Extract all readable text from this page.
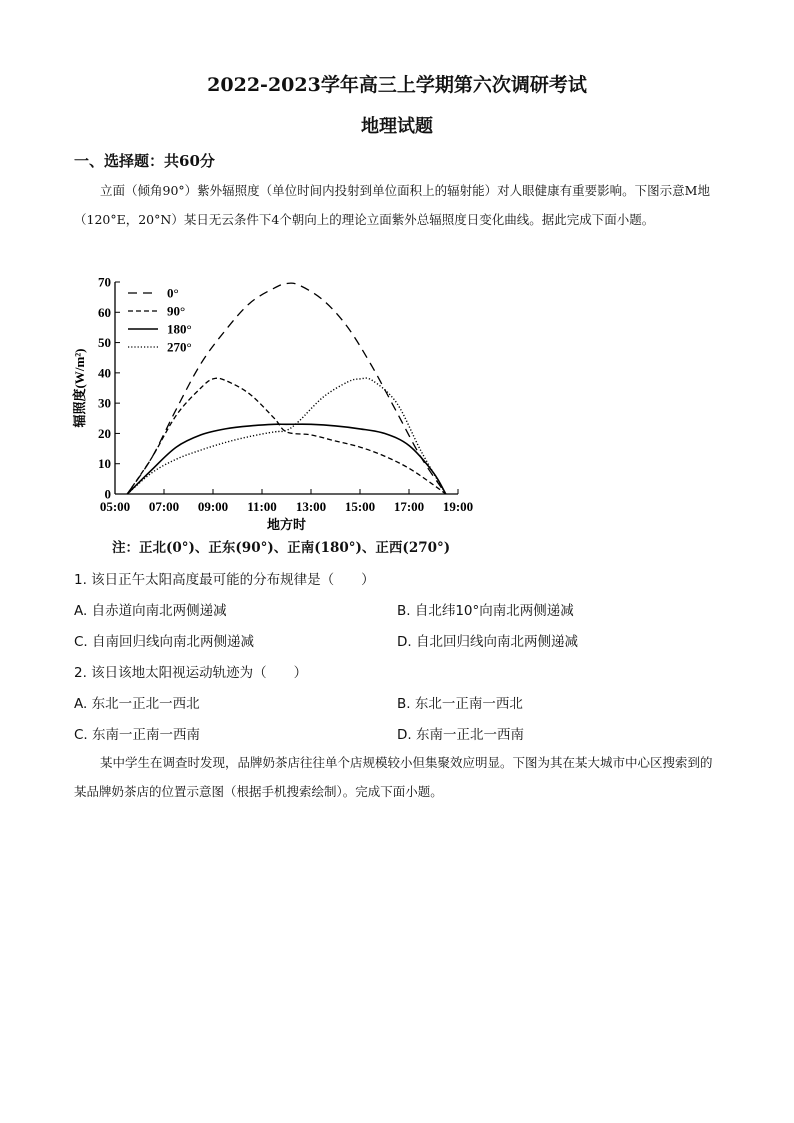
2022-2023学年高三上学期第六次调研考试
地理试题
一、选择题：共60分
立面（倾角90°）紫外辐照度（单位时间内投射到单位面积上的辐射能）对人眼健康有重要影响。下图示意M地（120°E，20°N）某日无云条件下4个朝向上的理论立面紫外总辐照度日变化曲线。据此完成下面小题。
0
10
20
30
40
50
60
70
05:00 07:00 09:00 11:00 13:00 15:00 17:00 19:00
0°
90°
180°
270°
地方时
辐照度(W/m²)
注：正北(0°)、正东(90°)、正南(180°)、正西(270°)
1. 该日正午太阳高度最可能的分布规律是（　　）
A. 自赤道向南北两侧递减	B. 自北纬10°向南北两侧递减
C. 自南回归线向南北两侧递减	D. 自北回归线向南北两侧递减
2. 该日该地太阳视运动轨迹为（　　）
A. 东北一正北一西北	B. 东北一正南一西北
C. 东南一正南一西南	D. 东南一正北一西南
某中学生在调查时发现，品牌奶茶店往往单个店规模较小但集聚效应明显。下图为其在某大城市中心区搜索到的某品牌奶茶店的位置示意图（根据手机搜索绘制）。完成下面小题。
